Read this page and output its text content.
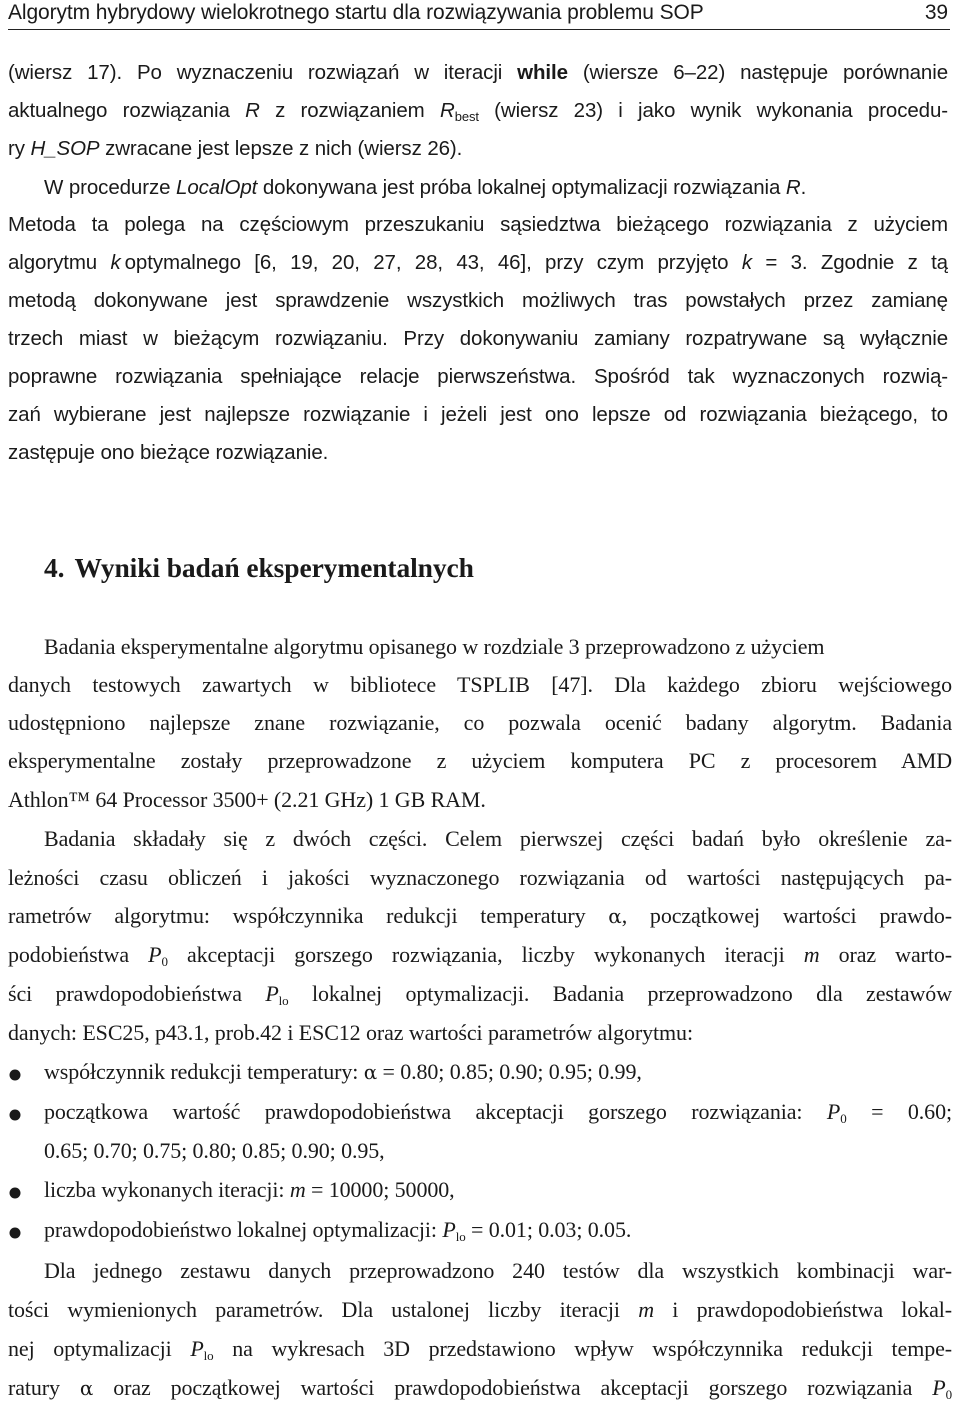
Algorytm hybrydowy wielokrotnego startu dla rozwiązywania problemu SOP	39
(wiersz 17). Po wyznaczeniu rozwiązań w iteracji while (wiersze 6–22) następuje porównanie
aktualnego rozwiązania R z rozwiązaniem $R_{best}$ (wiersz 23) i jako wynik wykonania procedu-
ry H_SOP zwracane jest lepsze z nich (wiersz 26).
W procedurze LocalOpt dokonywana jest próba lokalnej optymalizacji rozwiązania R.
Metoda ta polega na częściowym przeszukaniu sąsiedztwa bieżącego rozwiązania z użyciem
algorytmu k optymalnego [6, 19, 20, 27, 28, 43, 46], przy czym przyjęto k = 3. Zgodnie z tą
metodą dokonywane jest sprawdzenie wszystkich możliwych tras powstałych przez zamianę
trzech miast w bieżącym rozwiązaniu. Przy dokonywaniu zamiany rozpatrywane są wyłącznie
poprawne rozwiązania spełniające relacje pierwszeństwa. Spośród tak wyznaczonych rozwią-
zań wybierane jest najlepsze rozwiązanie i jeżeli jest ono lepsze od rozwiązania bieżącego, to
zastępuje ono bieżące rozwiązanie.
4. Wyniki badań eksperymentalnych
Badania eksperymentalne algorytmu opisanego w rozdziale 3 przeprowadzono z użyciem
danych testowych zawartych w bibliotece TSPLIB [47]. Dla każdego zbioru wejściowego
udostępniono najlepsze znane rozwiązanie, co pozwala ocenić badany algorytm. Badania
eksperymentalne zostały przeprowadzone z użyciem komputera PC z procesorem AMD
Athlon™ 64 Processor 3500+ (2.21 GHz) 1 GB RAM.
Badania składały się z dwóch części. Celem pierwszej części badań było określenie za-
leżności czasu obliczeń i jakości wyznaczonego rozwiązania od wartości następujących pa-
rametrów algorytmu: współczynnika redukcji temperatury α, początkowej wartości prawdo-
podobieństwa $P_0$ akceptacji gorszego rozwiązania, liczby wykonanych iteracji m oraz warto-
ści prawdopodobieństwa $P_{lo}$ lokalnej optymalizacji. Badania przeprowadzono dla zestawów
danych: ESC25, p43.1, prob.42 i ESC12 oraz wartości parametrów algorytmu:
współczynnik redukcji temperatury: α = 0.80; 0.85; 0.90; 0.95; 0.99,
początkowa wartość prawdopodobieństwa akceptacji gorszego rozwiązania: $P_0 = 0.60$;
0.65; 0.70; 0.75; 0.80; 0.85; 0.90; 0.95,
liczba wykonanych iteracji: m = 10000; 50000,
prawdopodobieństwo lokalnej optymalizacji: $P_{lo} = 0.01$; 0.03; 0.05.
Dla jednego zestawu danych przeprowadzono 240 testów dla wszystkich kombinacji war-
tości wymienionych parametrów. Dla ustalonej liczby iteracji m i prawdopodobieństwa lokal-
nej optymalizacji $P_{lo}$ na wykresach 3D przedstawiono wpływ współczynnika redukcji tempe-
ratury α oraz początkowej wartości prawdopodobieństwa akceptacji gorszego rozwiązania $P_0$
